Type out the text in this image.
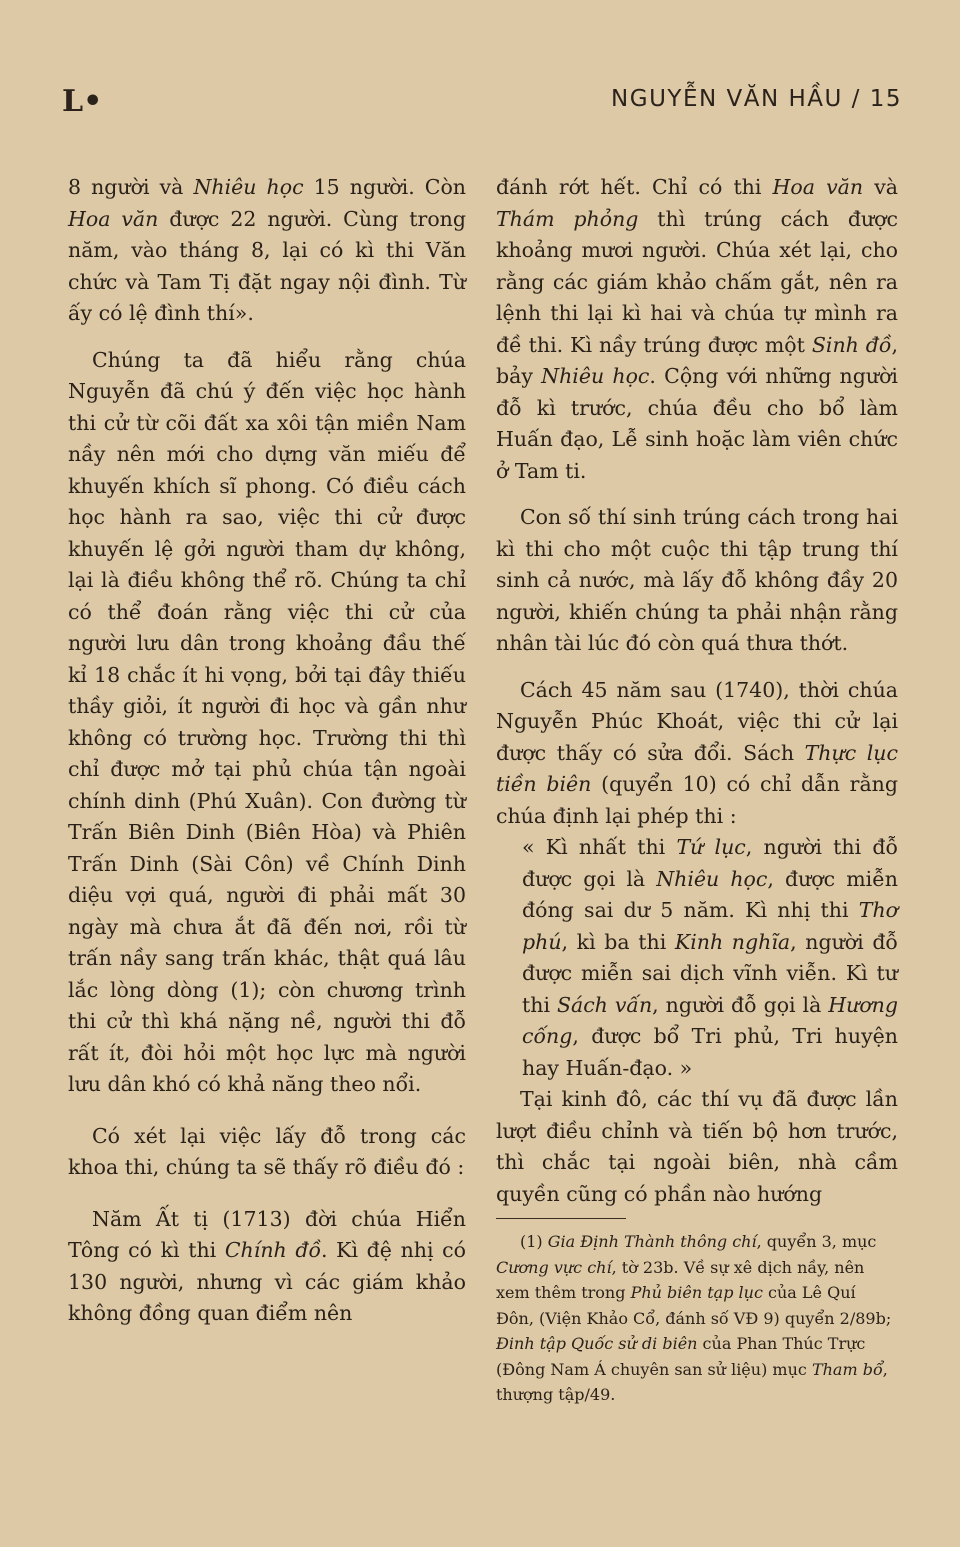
L•	NGUYỄN VĂN HẦU / 15

8 người và Nhiêu học 15 người. Còn Hoa văn được 22 người. Cùng trong năm, vào tháng 8, lại có kì thi Văn chức và Tam Tị đặt ngay nội đình. Từ ấy có lệ đình thí».

Chúng ta đã hiểu rằng chúa Nguyễn đã chú ý đến việc học hành thi cử từ cõi đất xa xôi tận miền Nam nầy nên mới cho dựng văn miếu để khuyến khích sĩ phong. Có điều cách học hành ra sao, việc thi cử được khuyến lệ gởi người tham dự không, lại là điều không thể rõ. Chúng ta chỉ có thể đoán rằng việc thi cử của người lưu dân trong khoảng đầu thế kỉ 18 chắc ít hi vọng, bởi tại đây thiếu thầy giỏi, ít người đi học và gần như không có trường học. Trường thi thì chỉ được mở tại phủ chúa tận ngoài chính dinh (Phú Xuân). Con đường từ Trấn Biên Dinh (Biên Hòa) và Phiên Trấn Dinh (Sài Côn) về Chính Dinh diệu vợi quá, người đi phải mất 30 ngày mà chưa ắt đã đến nơi, rồi từ trấn nầy sang trấn khác, thật quá lâu lắc lòng dòng (1); còn chương trình thi cử thì khá nặng nề, người thi đỗ rất ít, đòi hỏi một học lực mà người lưu dân khó có khả năng theo nổi.

Có xét lại việc lấy đỗ trong các khoa thi, chúng ta sẽ thấy rõ điều đó :

Năm Ất tị (1713) đời chúa Hiển Tông có kì thi Chính đồ. Kì đệ nhị có 130 người, nhưng vì các giám khảo không đồng quan điểm nên

đánh rớt hết. Chỉ có thi Hoa văn và Thám phỏng thì trúng cách được khoảng mươi người. Chúa xét lại, cho rằng các giám khảo chấm gắt, nên ra lệnh thi lại kì hai và chúa tự mình ra đề thi. Kì nầy trúng được một Sinh đồ, bảy Nhiêu học. Cộng với những người đỗ kì trước, chúa đều cho bổ làm Huấn đạo, Lễ sinh hoặc làm viên chức ở Tam ti.

Con số thí sinh trúng cách trong hai kì thi cho một cuộc thi tập trung thí sinh cả nước, mà lấy đỗ không đầy 20 người, khiến chúng ta phải nhận rằng nhân tài lúc đó còn quá thưa thớt.

Cách 45 năm sau (1740), thời chúa Nguyễn Phúc Khoát, việc thi cử lại được thấy có sửa đổi. Sách Thực lục tiền biên (quyển 10) có chỉ dẫn rằng chúa định lại phép thi :

« Kì nhất thi Tứ lục, người thi đỗ được gọi là Nhiêu học, được miễn đóng sai dư 5 năm. Kì nhị thi Thơ phú, kì ba thi Kinh nghĩa, người đỗ được miễn sai dịch vĩnh viễn. Kì tư thi Sách vấn, người đỗ gọi là Hương cống, được bổ Tri phủ, Tri huyện hay Huấn-đạo. »

Tại kinh đô, các thí vụ đã được lần lượt điều chỉnh và tiến bộ hơn trước, thì chắc tại ngoài biên, nhà cầm quyền cũng có phần nào hướng

(1) Gia Định Thành thông chí, quyển 3, mục Cương vực chí, tờ 23b. Về sự xê dịch nầy, nên xem thêm trong Phủ biên tạp lục của Lê Quí Đôn, (Viện Khảo Cổ, đánh số VĐ 9) quyển 2/89b; Đinh tập Quốc sử di biên của Phan Thúc Trực (Đông Nam Á chuyên san sử liệu) mục Tham bổ, thượng tập/49.
